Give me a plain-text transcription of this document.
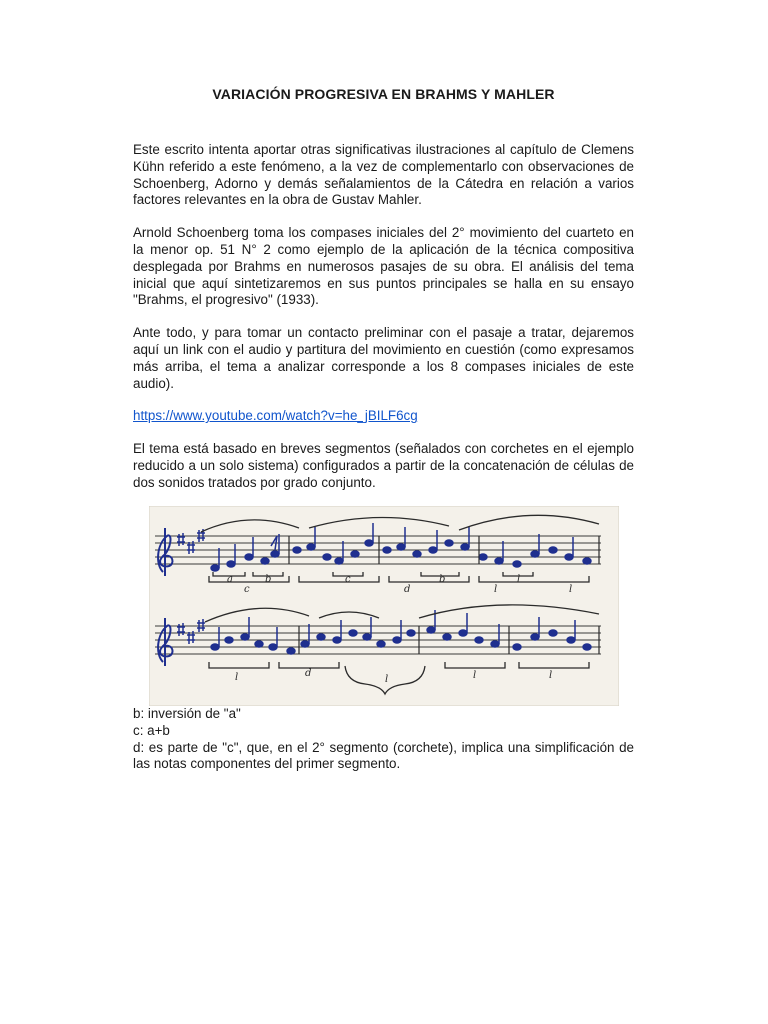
VARIACIÓN PROGRESIVA EN BRAHMS Y MAHLER

Este escrito intenta aportar otras significativas ilustraciones al capítulo de Clemens Kühn referido a este fenómeno, a la vez de complementarlo con observaciones de Schoenberg, Adorno y demás señalamientos de la Cátedra en relación a varios factores relevantes en la obra de Gustav Mahler.

Arnold Schoenberg toma los compases iniciales del 2° movimiento del cuarteto en la menor op. 51 N° 2 como ejemplo de la aplicación de la técnica compositiva desplegada por Brahms en numerosos pasajes de su obra. El análisis del tema inicial que aquí sintetizaremos en sus puntos principales se halla en su ensayo "Brahms, el progresivo" (1933).

Ante todo, y para tomar un contacto preliminar con el pasaje a tratar, dejaremos aquí un link con el audio y partitura del movimiento en cuestión (como expresamos más arriba, el tema a analizar corresponde a los 8 compases iniciales de este audio).

https://www.youtube.com/watch?v=he_jBILF6cg

El tema está basado en breves segmentos (señalados con corchetes en el ejemplo reducido a un solo sistema) configurados a partir de la concatenación de células de dos sonidos tratados por grado conjunto.

a	b
c
c
d
b
l
l
l
l	d
l	l	l

b: inversión de "a"

c: a+b

d: es parte de "c", que, en el 2° segmento (corchete), implica una simplificación de las notas componentes del primer segmento.
